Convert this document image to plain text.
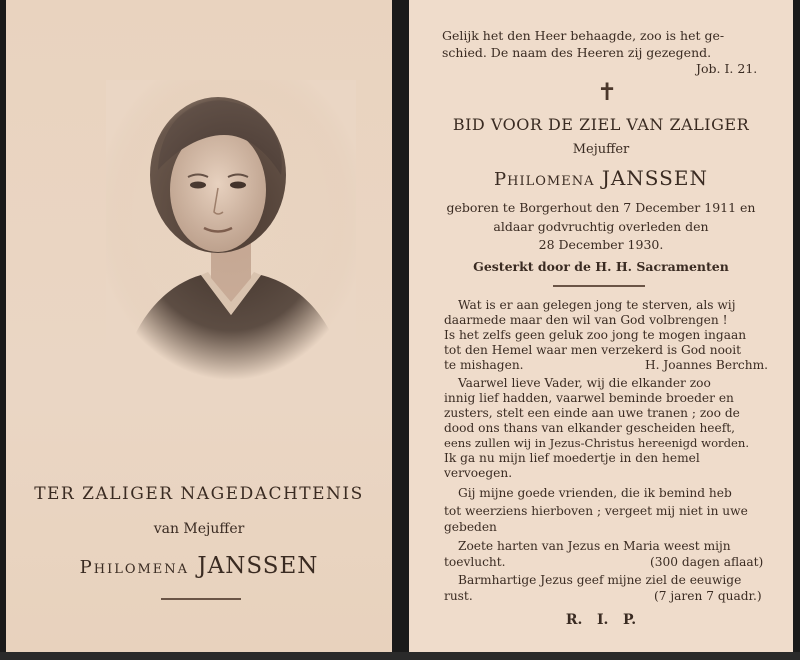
TER ZALIGER NAGEDACHTENIS
van Mejuffer
Philomena JANSSEN
Gelijk het den Heer behaagde, zoo is het ge-
schied. De naam des Heeren zij gezegend.
Job. I. 21.
✝
BID VOOR DE ZIEL VAN ZALIGER
Mejuffer
Philomena JANSSEN
geboren te Borgerhout den 7 December 1911 en
aldaar godvruchtig overleden den
28 December 1930.
Gesterkt door de H. H. Sacramenten
Wat is er aan gelegen jong te sterven, als wij
daarmede maar den wil van God volbrengen !
Is het zelfs geen geluk zoo jong te mogen ingaan
tot den Hemel waar men verzekerd is God nooit
te mishagen.	H. Joannes Berchm.
Vaarwel lieve Vader, wij die elkander zoo
innig lief hadden, vaarwel beminde broeder en
zusters, stelt een einde aan uwe tranen ; zoo de
dood ons thans van elkander gescheiden heeft,
eens zullen wij in Jezus-Christus hereenigd worden.
Ik ga nu mijn lief moedertje in den hemel
vervoegen.
Gij mijne goede vrienden, die ik bemind heb
tot weerziens hierboven ; vergeet mij niet in uwe
gebeden
Zoete harten van Jezus en Maria weest mijn
toevlucht.	(300 dagen aflaat)
Barmhartige Jezus geef mijne ziel de eeuwige
rust.	(7 jaren 7 quadr.)
R.   I.   P.
